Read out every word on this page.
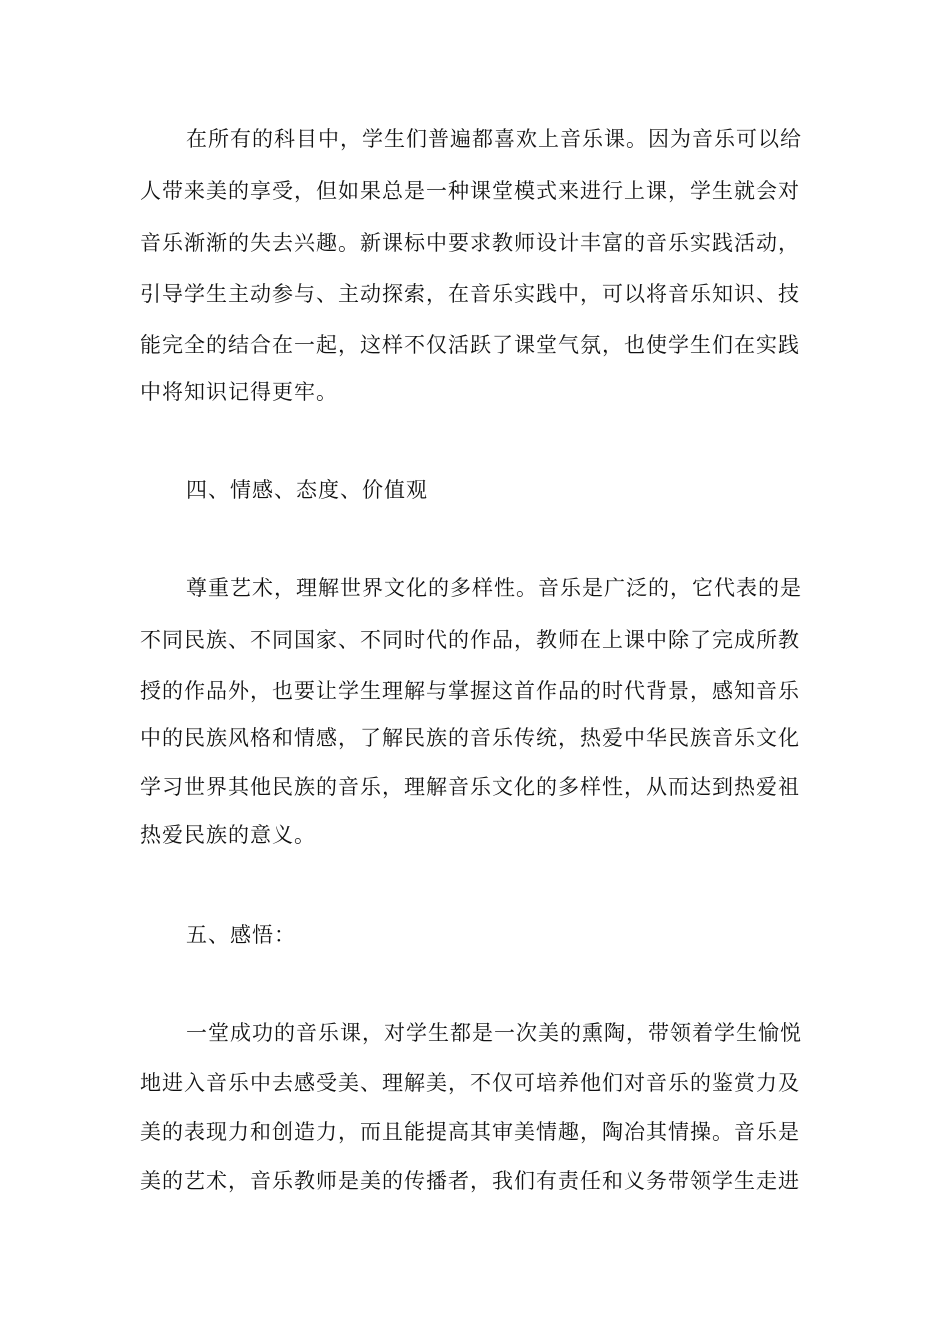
在所有的科目中，学生们普遍都喜欢上音乐课。因为音乐可以给

人带来美的享受，但如果总是一种课堂模式来进行上课，学生就会对

音乐渐渐的失去兴趣。新课标中要求教师设计丰富的音乐实践活动，

引导学生主动参与、主动探索，在音乐实践中，可以将音乐知识、技

能完全的结合在一起，这样不仅活跃了课堂气氛，也使学生们在实践

中将知识记得更牢。

四、情感、态度、价值观

尊重艺术，理解世界文化的多样性。音乐是广泛的，它代表的是

不同民族、不同国家、不同时代的作品，教师在上课中除了完成所教

授的作品外，也要让学生理解与掌握这首作品的时代背景，感知音乐

中的民族风格和情感，了解民族的音乐传统，热爱中华民族音乐文化

学习世界其他民族的音乐，理解音乐文化的多样性，从而达到热爱祖

热爱民族的意义。

五、感悟：

一堂成功的音乐课，对学生都是一次美的熏陶，带领着学生愉悦

地进入音乐中去感受美、理解美，不仅可培养他们对音乐的鉴赏力及

美的表现力和创造力，而且能提高其审美情趣，陶冶其情操。音乐是

美的艺术，音乐教师是美的传播者，我们有责任和义务带领学生走进
